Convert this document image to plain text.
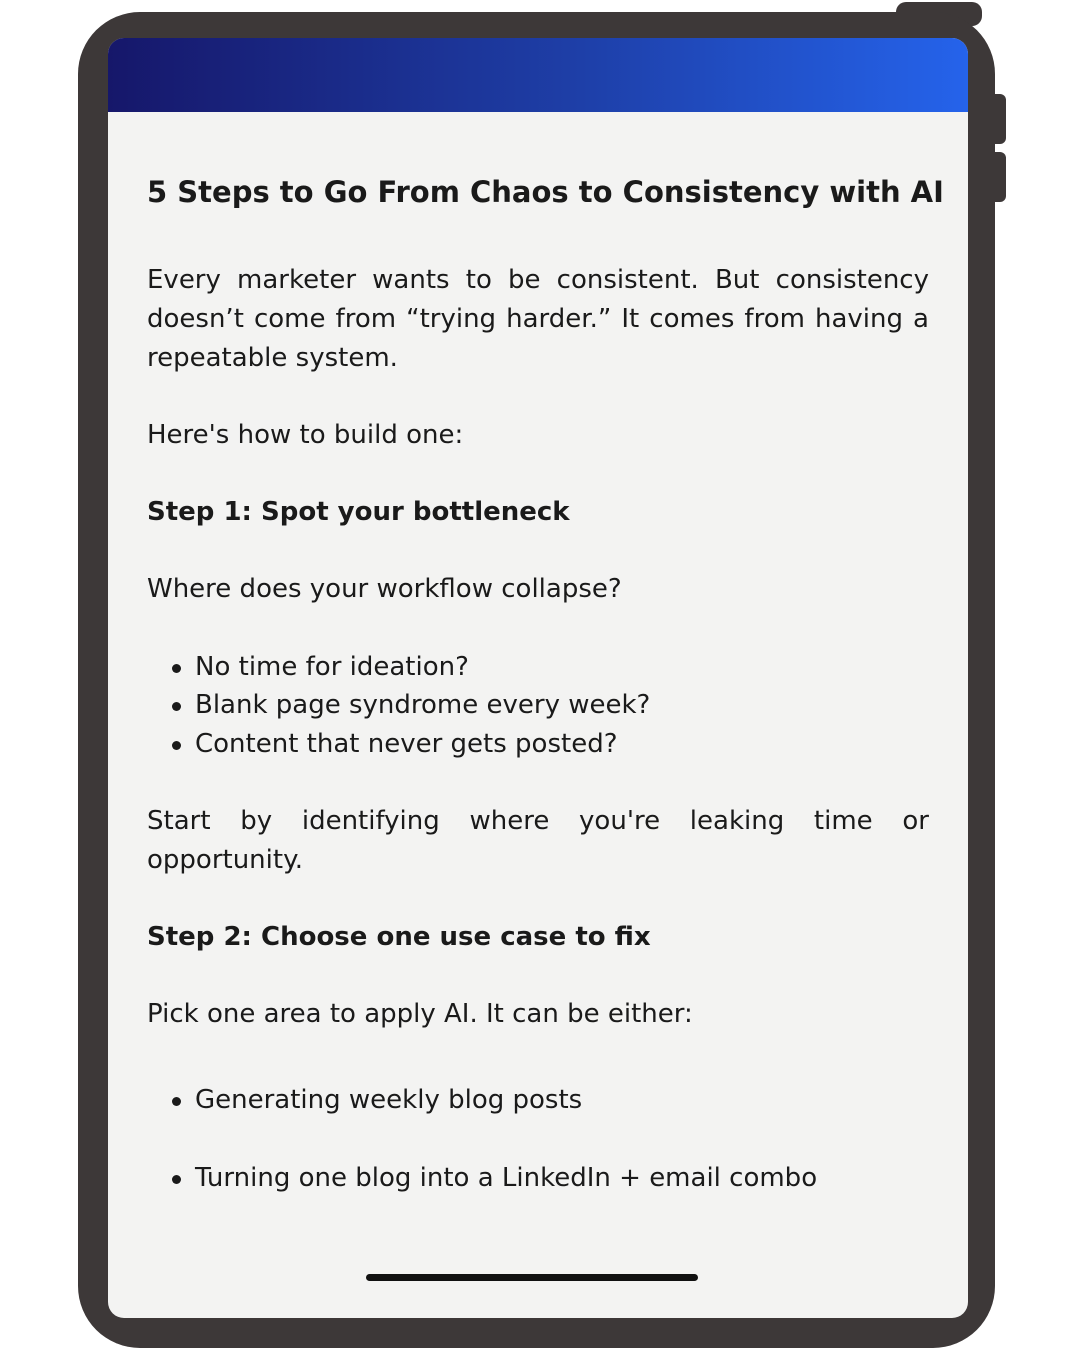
5 Steps to Go From Chaos to Consistency with AI
Every marketer wants to be consistent. But consistency
doesn’t come from “trying harder.” It comes from having a
repeatable system.
Here's how to build one:
Step 1: Spot your bottleneck
Where does your workflow collapse?
No time for ideation?
Blank page syndrome every week?
Content that never gets posted?
Start by identifying where you're leaking time or
opportunity.
Step 2: Choose one use case to fix
Pick one area to apply AI. It can be either:
Generating weekly blog posts
Turning one blog into a LinkedIn + email combo
